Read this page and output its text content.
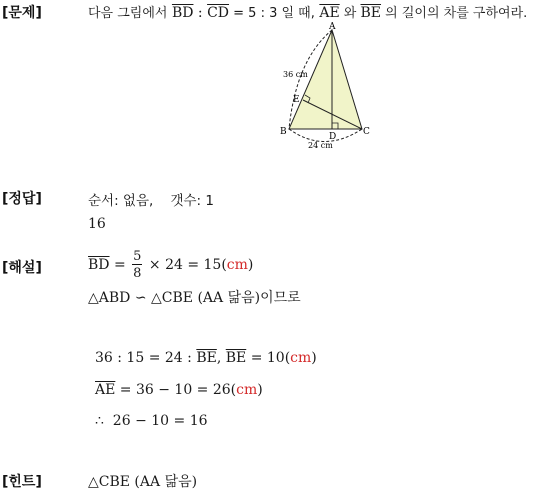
[문제]	다음 그림에서 $\overline{BD}$ : $\overline{CD} = 5$ : 3 일 때, $\overline{AE}$ 와 $\overline{BE}$ 의 길이의 차를 구하여라.
A
B	C
D
E
36 cm
24 cm
[정답]	순서: 없음,    갯수: 1
16
[해설]	$\overline{BD} = \frac{5}{8} \times 24 = 15(cm)$
△ABD ∽ △CBE (AA 닮음)이므로
36 : 15 = 24 : $\overline{BE}$, $\overline{BE} = 10(cm)$
$\overline{AE} = 36 - 10 = 26(cm)$
∴  26 − 10 = 16
[힌트]	△CBE (AA 닮음)
